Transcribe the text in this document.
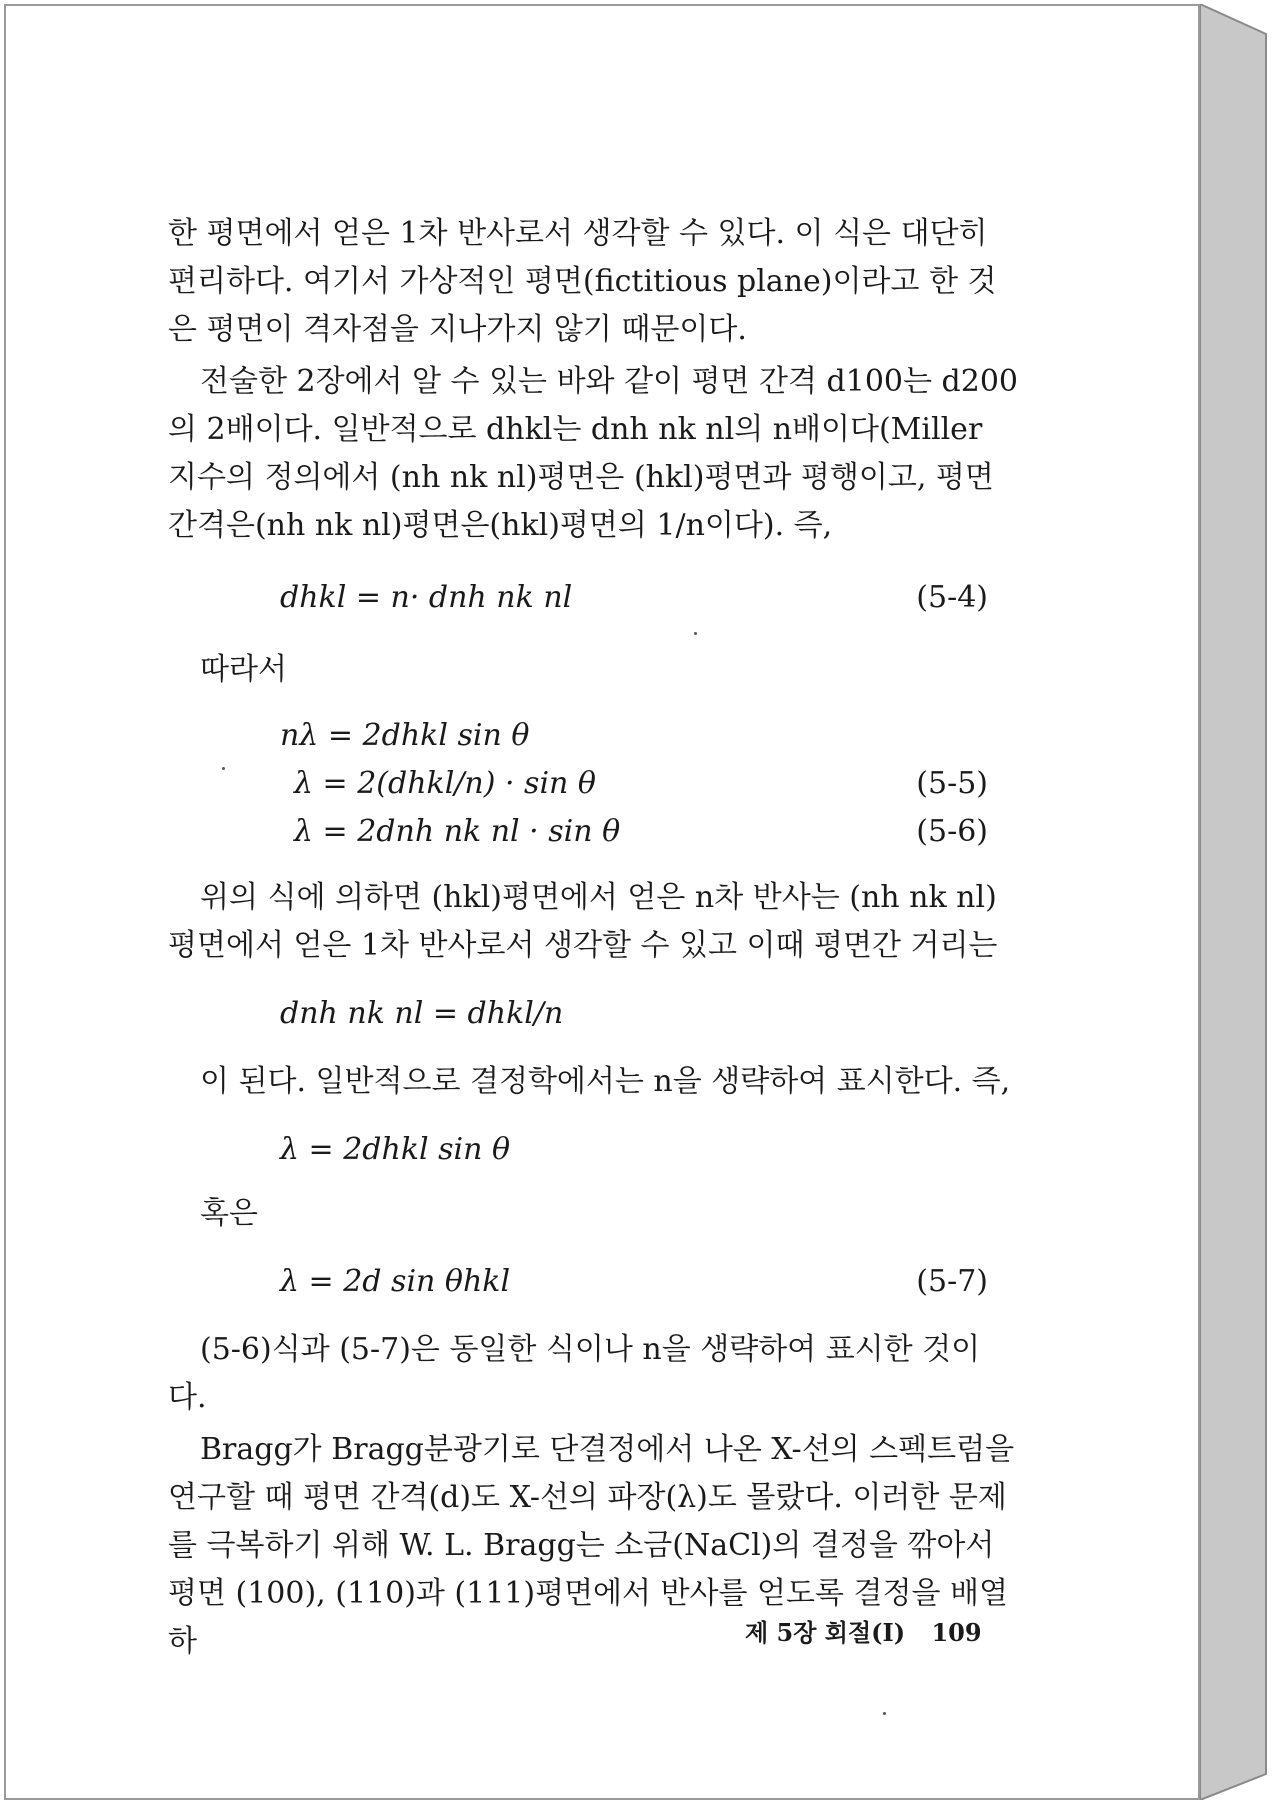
한 평면에서 얻은 1차 반사로서 생각할 수 있다. 이 식은 대단히 편리하다. 여기서 가상적인 평면(fictitious plane)이라고 한 것은 평면이 격자점을 지나가지 않기 때문이다.

전술한 2장에서 알 수 있는 바와 같이 평면 간격 d100는 d200의 2배이다. 일반적으로 dhkl는 dnh nk nl의 n배이다(Miller 지수의 정의에서 (nh nk nl)평면은 (hkl)평면과 평행이고, 평면 간격은(nh nk nl)평면은(hkl)평면의 1/n이다). 즉,

dhkl = n· dnh nk nl	(5-4)

따라서

nλ = 2dhkl sin θ
λ = 2(dhkl/n) · sin θ	(5-5)
λ = 2dnh nk nl · sin θ	(5-6)

위의 식에 의하면 (hkl)평면에서 얻은 n차 반사는 (nh nk nl)평면에서 얻은 1차 반사로서 생각할 수 있고 이때 평면간 거리는

dnh nk nl = dhkl/n

이 된다. 일반적으로 결정학에서는 n을 생략하여 표시한다. 즉,

λ = 2dhkl sin θ

혹은

λ = 2d sin θhkl	(5-7)

(5-6)식과 (5-7)은 동일한 식이나 n을 생략하여 표시한 것이다.

Bragg가 Bragg분광기로 단결정에서 나온 X-선의 스펙트럼을 연구할 때 평면 간격(d)도 X-선의 파장(λ)도 몰랐다. 이러한 문제를 극복하기 위해 W. L. Bragg는 소금(NaCl)의 결정을 깎아서 평면 (100), (110)과 (111)평면에서 반사를 얻도록 결정을 배열하	제 5장 회절(I) 109
